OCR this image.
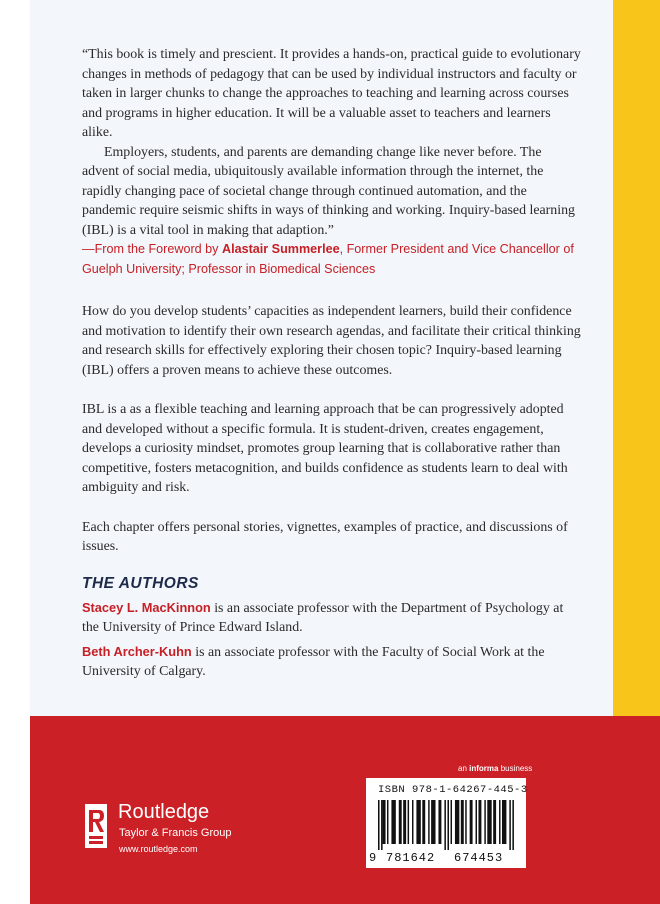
“This book is timely and prescient. It provides a hands-on, practical guide to evolutionary changes in methods of pedagogy that can be used by individual instructors and faculty or taken in larger chunks to change the approaches to teaching and learning across courses and programs in higher education. It will be a valuable asset to teachers and learners alike.

Employers, students, and parents are demanding change like never before. The advent of social media, ubiquitously available information through the internet, the rapidly changing pace of societal change through continued automation, and the pandemic require seismic shifts in ways of thinking and working. Inquiry-based learning (IBL) is a vital tool in making that adaption.”

—From the Foreword by Alastair Summerlee, Former President and Vice Chancellor of Guelph University; Professor in Biomedical Sciences

How do you develop students’ capacities as independent learners, build their confidence and motivation to identify their own research agendas, and facilitate their critical thinking and research skills for effectively exploring their chosen topic? Inquiry-based learning (IBL) offers a proven means to achieve these outcomes.

IBL is a as a flexible teaching and learning approach that be can progressively adopted and developed without a specific formula. It is student-driven, creates engagement, develops a curiosity mindset, promotes group learning that is collaborative rather than competitive, fosters metacognition, and builds confidence as students learn to deal with ambiguity and risk.

Each chapter offers personal stories, vignettes, examples of practice, and discussions of issues.

THE AUTHORS

Stacey L. MacKinnon is an associate professor with the Department of Psychology at the University of Prince Edward Island.

Beth Archer-Kuhn is an associate professor with the Faculty of Social Work at the University of Calgary.

Routledge
Taylor & Francis Group
www.routledge.com
an informa business
ISBN 978-1-64267-445-3
9 781642 674453
